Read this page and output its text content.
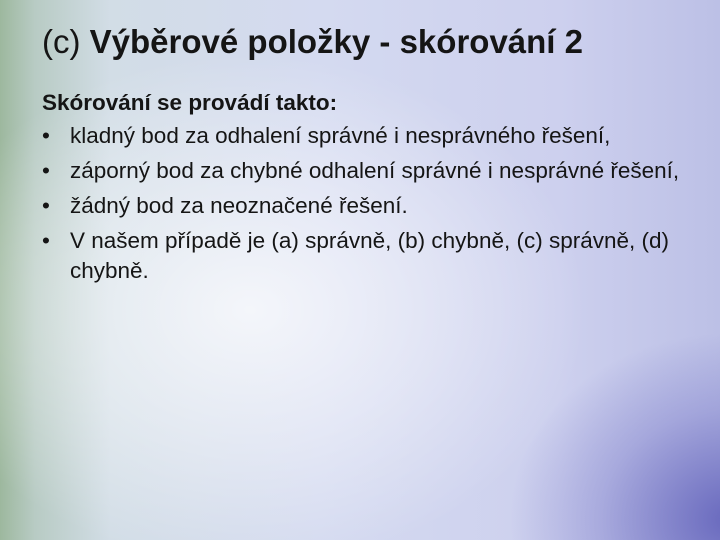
(c) Výběrové položky - skórování 2
Skórování se provádí takto:
• kladný bod za odhalení správné i nesprávného řešení,
• záporný bod za chybné odhalení správné i nesprávné řešení,
• žádný bod za neoznačené řešení.
• V našem případě je (a) správně, (b) chybně, (c) správně, (d) chybně.
